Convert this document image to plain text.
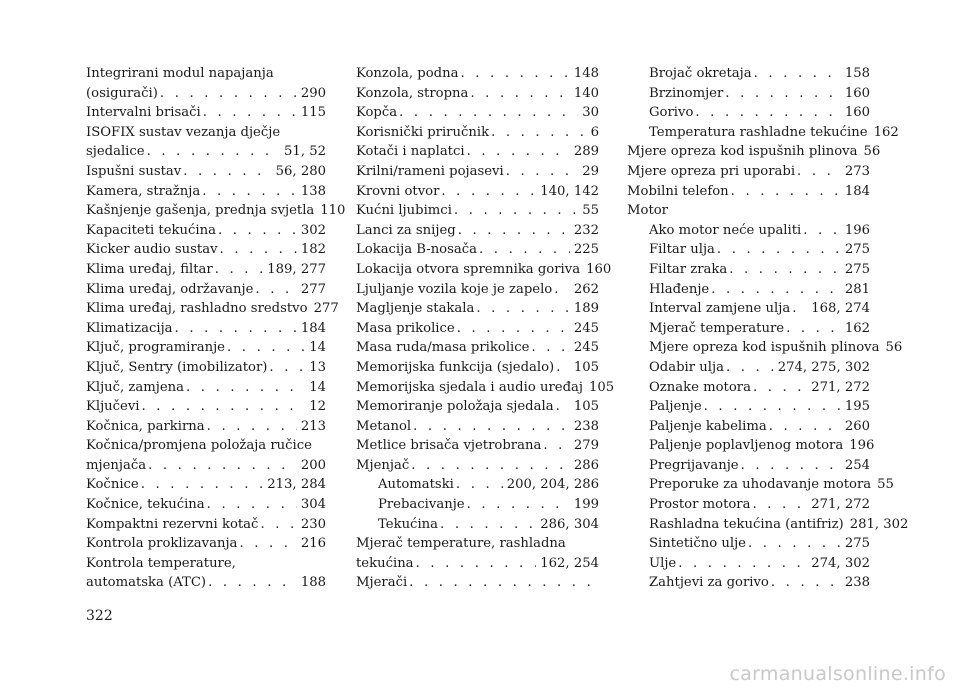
Integrirani modul napajanja
(osigurači) . . .	290
Intervalni brisači . . .	115
ISOFIX sustav vezanja dječje
sjedalice . . .	51, 52
Ispušni sustav . . .	56, 280
Kamera, stražnja . . .	138
Kašnjenje gašenja, prednja svjetla 110
Kapaciteti tekućina . . .	302
Kicker audio sustav . . .	182
Klima uređaj, filtar . . .	189, 277
Klima uređaj, održavanje . . .	277
Klima uređaj, rashladno sredstvo 277
Klimatizacija . . .	184
Ključ, programiranje . . .	14
Ključ, Sentry (imobilizator) . . .	13
Ključ, zamjena . . .	14
Ključevi . . .	12
Kočnica, parkirna . . .	213
Kočnica/promjena položaja ručice
mjenjača . . .	200
Kočnice . . .	213, 284
Kočnice, tekućina . . .	304
Kompaktni rezervni kotač . . .	230
Kontrola proklizavanja . . .	216
Kontrola temperature,
automatska (ATC) . . .	188
Konzola, podna . . .	148
Konzola, stropna . . .	140
Kopča . . .	30
Korisnički priručnik . . .	6
Kotači i naplatci . . .	289
Krilni/rameni pojasevi . . .	29
Krovni otvor . . .	140, 142
Kućni ljubimci . . .	55
Lanci za snijeg . . .	232
Lokacija B-nosača . . .	225
Lokacija otvora spremnika goriva 160
Ljuljanje vozila koje je zapelo . . . 262
Magljenje stakala . . .	189
Masa prikolice . . .	245
Masa ruda/masa prikolice . . .	245
Memorijska funkcija (sjedalo) . . . 105
Memorijska sjedala i audio uređaj 105
Memoriranje položaja sjedala . . . 105
Metanol . . .	238
Metlice brisača vjetrobrana . . . 279
Mjenjač . . .	286
Automatski . . .	200, 204, 286
Prebacivanje . . .	199
Tekućina . . .	286, 304
Mjerač temperature, rashladna
tekućina . . .	162, 254
Mjerači
. . .
Brojač okretaja . . .	158
Brzinomjer . . .	160
Gorivo . . .	160
Temperatura rashladne tekućine 162
Mjere opreza kod ispušnih plinova 56
Mjere opreza pri uporabi . . .	273
Mobilni telefon . . .	184
Motor
Ako motor neće upaliti . . .	196
Filtar ulja . . .	275
Filtar zraka . . .	275
Hlađenje . . .	281
Interval zamjene ulja . . . 168, 274
Mjerač temperature . . .	162
Mjere opreza kod ispušnih plinova 56
Odabir ulja . . .	274, 275, 302
Oznake motora . . .	271, 272
Paljenje . . .	195
Paljenje kabelima . . .	260
Paljenje poplavljenog motora 196
Pregrijavanje . . .	254
Preporuke za uhodavanje motora 55
Prostor motora . . .	271, 272
Rashladna tekućina (antifriz) 281, 302
Sintetično ulje . . .	275
Ulje . . .	274, 302
Zahtjevi za gorivo . . .	238
322
carmanualsonline.info
